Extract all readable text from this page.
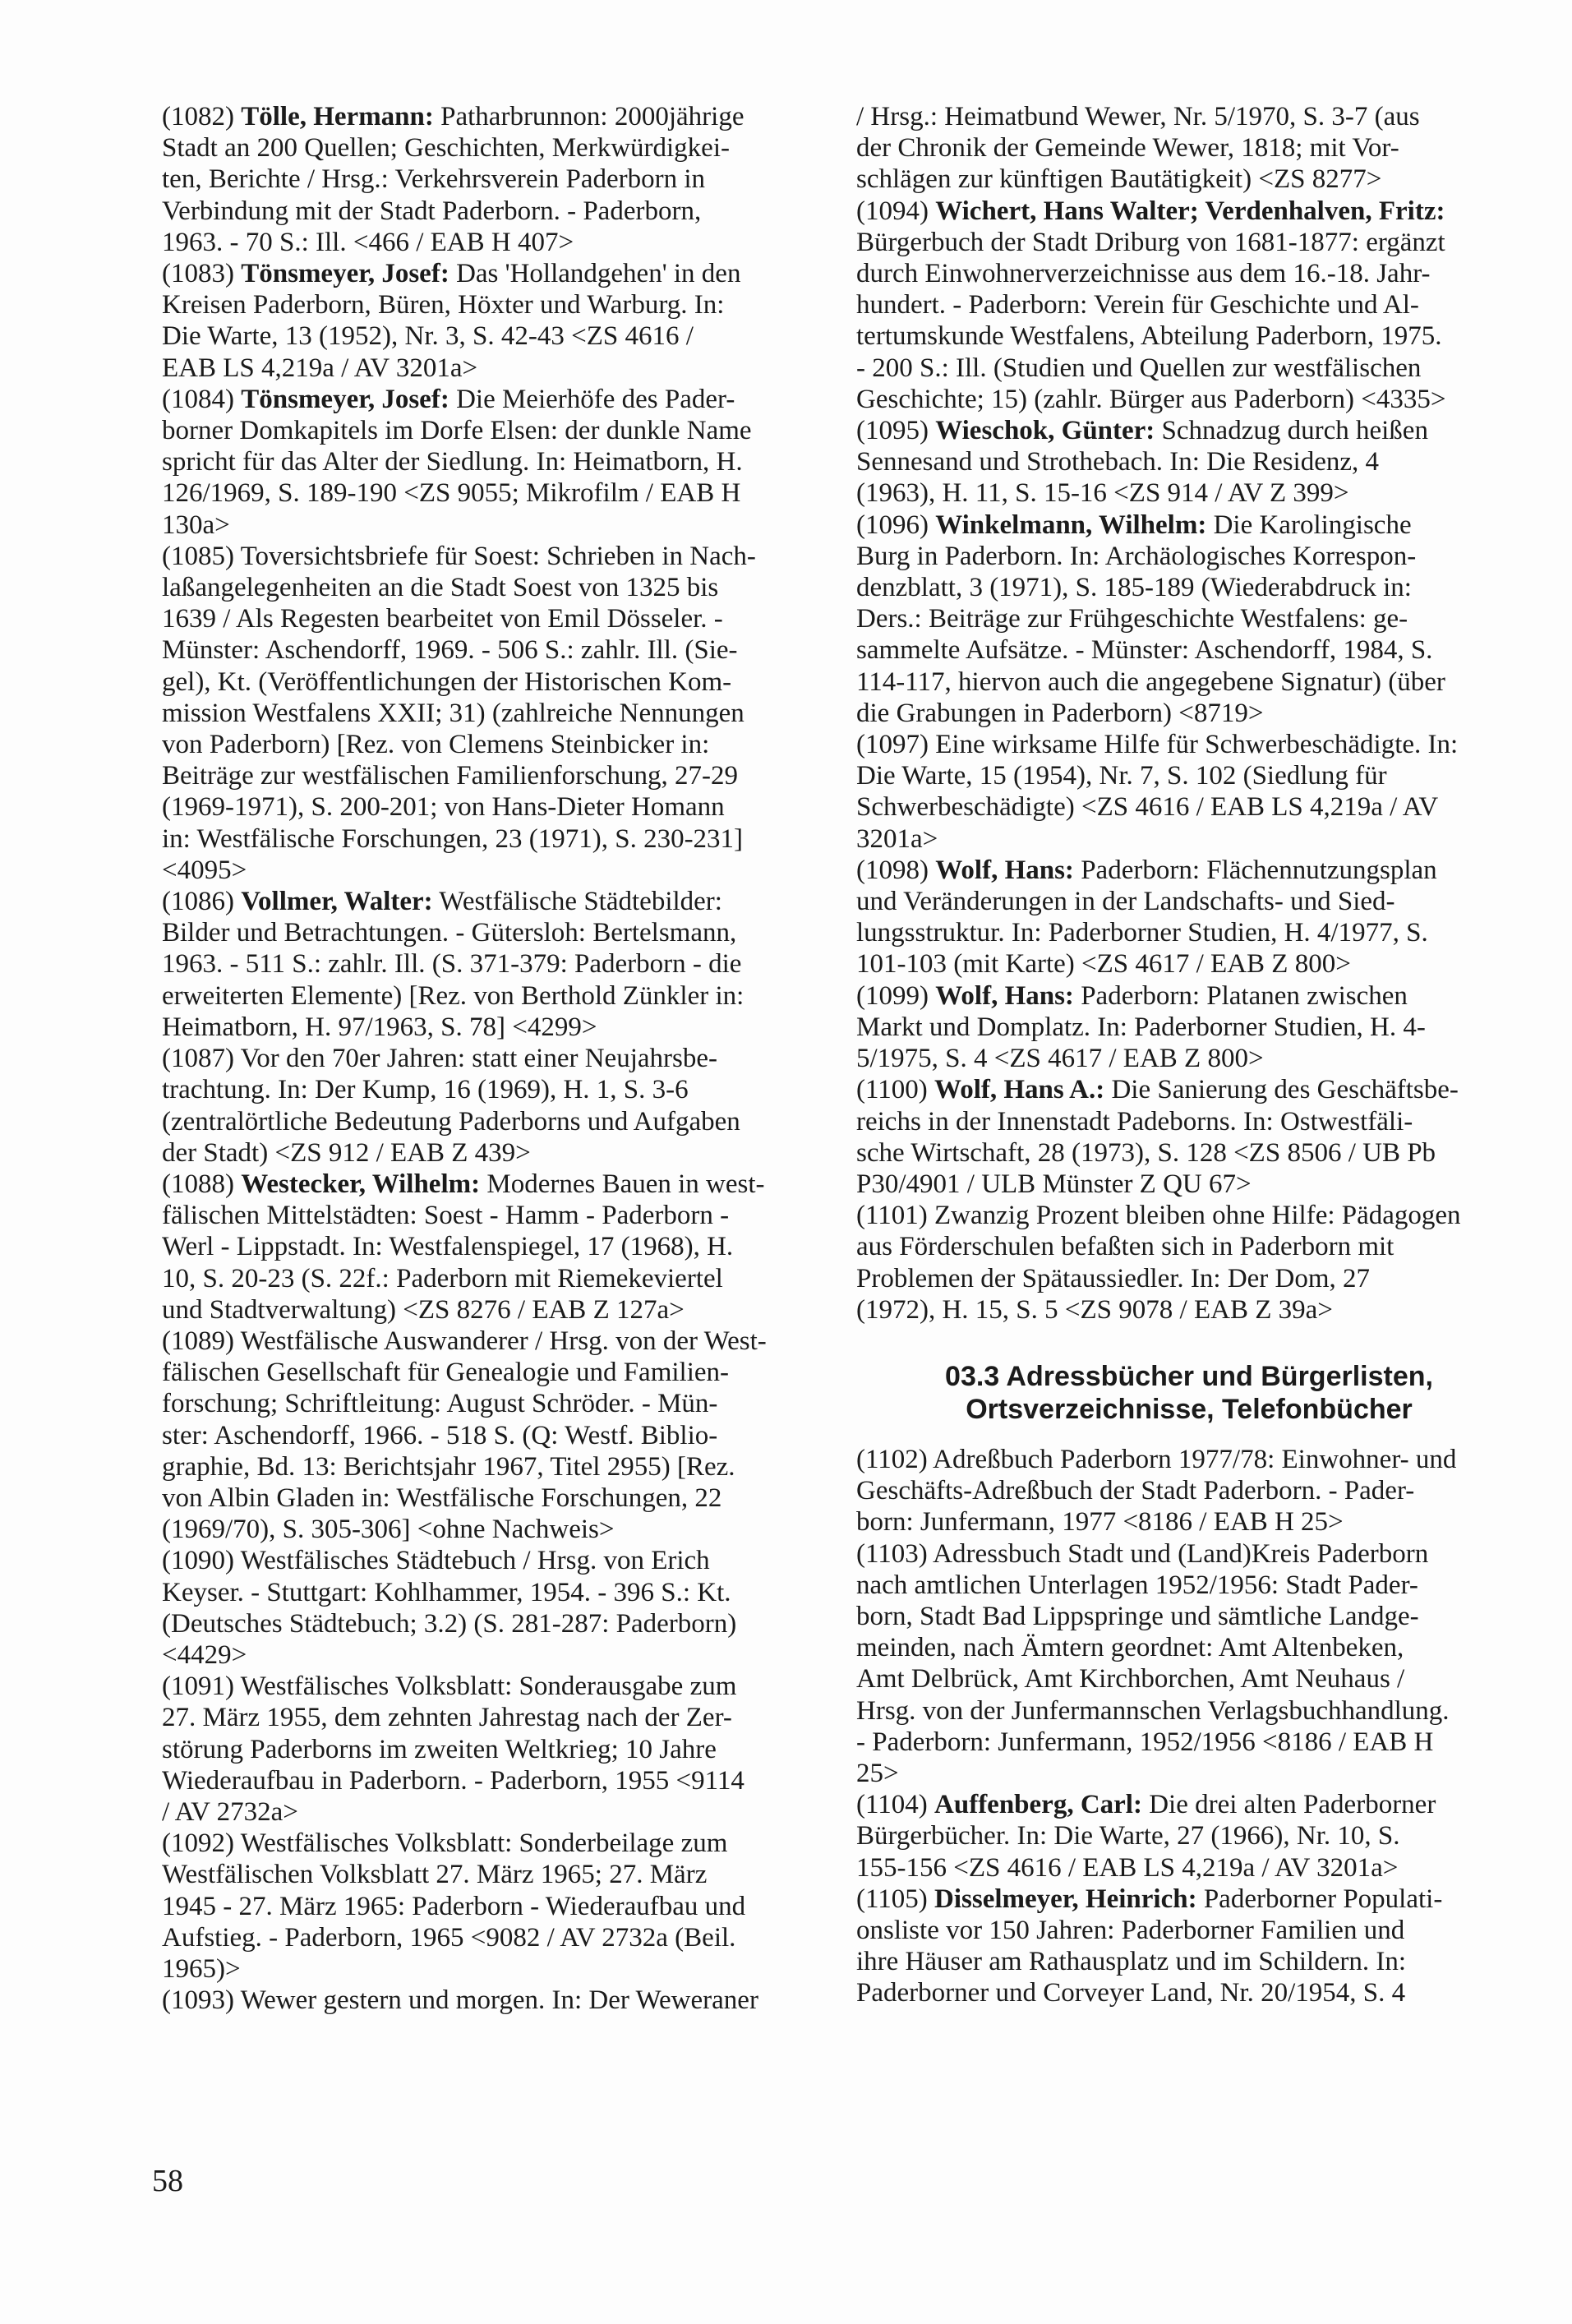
(1082) Tölle, Hermann: Patharbrunnon: 2000jährige
Stadt an 200 Quellen; Geschichten, Merkwürdigkei-
ten, Berichte / Hrsg.: Verkehrsverein Paderborn in
Verbindung mit der Stadt Paderborn. - Paderborn,
1963. - 70 S.: Ill. <466 / EAB H 407>

(1083) Tönsmeyer, Josef: Das 'Hollandgehen' in den
Kreisen Paderborn, Büren, Höxter und Warburg. In:
Die Warte, 13 (1952), Nr. 3, S. 42-43 <ZS 4616 /
EAB LS 4,219a / AV 3201a>

(1084) Tönsmeyer, Josef: Die Meierhöfe des Pader-
borner Domkapitels im Dorfe Elsen: der dunkle Name
spricht für das Alter der Siedlung. In: Heimatborn, H.
126/1969, S. 189-190 <ZS 9055; Mikrofilm / EAB H
130a>

(1085) Toversichtsbriefe für Soest: Schrieben in Nach-
laßangelegenheiten an die Stadt Soest von 1325 bis
1639 / Als Regesten bearbeitet von Emil Dösseler. -
Münster: Aschendorff, 1969. - 506 S.: zahlr. Ill. (Sie-
gel), Kt. (Veröffentlichungen der Historischen Kom-
mission Westfalens XXII; 31) (zahlreiche Nennungen
von Paderborn) [Rez. von Clemens Steinbicker in:
Beiträge zur westfälischen Familienforschung, 27-29
(1969-1971), S. 200-201; von Hans-Dieter Homann
in: Westfälische Forschungen, 23 (1971), S. 230-231]
<4095>

(1086) Vollmer, Walter: Westfälische Städtebilder:
Bilder und Betrachtungen. - Gütersloh: Bertelsmann,
1963. - 511 S.: zahlr. Ill. (S. 371-379: Paderborn - die
erweiterten Elemente) [Rez. von Berthold Zünkler in:
Heimatborn, H. 97/1963, S. 78] <4299>

(1087) Vor den 70er Jahren: statt einer Neujahrsbe-
trachtung. In: Der Kump, 16 (1969), H. 1, S. 3-6
(zentralörtliche Bedeutung Paderborns und Aufgaben
der Stadt) <ZS 912 / EAB Z 439>

(1088) Westecker, Wilhelm: Modernes Bauen in west-
fälischen Mittelstädten: Soest - Hamm - Paderborn -
Werl - Lippstadt. In: Westfalenspiegel, 17 (1968), H.
10, S. 20-23 (S. 22f.: Paderborn mit Riemekeviertel
und Stadtverwaltung) <ZS 8276 / EAB Z 127a>

(1089) Westfälische Auswanderer / Hrsg. von der West-
fälischen Gesellschaft für Genealogie und Familien-
forschung; Schriftleitung: August Schröder. - Mün-
ster: Aschendorff, 1966. - 518 S. (Q: Westf. Biblio-
graphie, Bd. 13: Berichtsjahr 1967, Titel 2955) [Rez.
von Albin Gladen in: Westfälische Forschungen, 22
(1969/70), S. 305-306] <ohne Nachweis>

(1090) Westfälisches Städtebuch / Hrsg. von Erich
Keyser. - Stuttgart: Kohlhammer, 1954. - 396 S.: Kt.
(Deutsches Städtebuch; 3.2) (S. 281-287: Paderborn)
<4429>

(1091) Westfälisches Volksblatt: Sonderausgabe zum
27. März 1955, dem zehnten Jahrestag nach der Zer-
störung Paderborns im zweiten Weltkrieg; 10 Jahre
Wiederaufbau in Paderborn. - Paderborn, 1955 <9114
/ AV 2732a>

(1092) Westfälisches Volksblatt: Sonderbeilage zum
Westfälischen Volksblatt 27. März 1965; 27. März
1945 - 27. März 1965: Paderborn - Wiederaufbau und
Aufstieg. - Paderborn, 1965 <9082 / AV 2732a (Beil.
1965)>

(1093) Wewer gestern und morgen. In: Der Weweraner

/ Hrsg.: Heimatbund Wewer, Nr. 5/1970, S. 3-7 (aus
der Chronik der Gemeinde Wewer, 1818; mit Vor-
schlägen zur künftigen Bautätigkeit) <ZS 8277>

(1094) Wichert, Hans Walter; Verdenhalven, Fritz:
Bürgerbuch der Stadt Driburg von 1681-1877: ergänzt
durch Einwohnerverzeichnisse aus dem 16.-18. Jahr-
hundert. - Paderborn: Verein für Geschichte und Al-
tertumskunde Westfalens, Abteilung Paderborn, 1975.
- 200 S.: Ill. (Studien und Quellen zur westfälischen
Geschichte; 15) (zahlr. Bürger aus Paderborn) <4335>

(1095) Wieschok, Günter: Schnadzug durch heißen
Sennesand und Strothebach. In: Die Residenz, 4
(1963), H. 11, S. 15-16 <ZS 914 / AV Z 399>

(1096) Winkelmann, Wilhelm: Die Karolingische
Burg in Paderborn. In: Archäologisches Korrespon-
denzblatt, 3 (1971), S. 185-189 (Wiederabdruck in:
Ders.: Beiträge zur Frühgeschichte Westfalens: ge-
sammelte Aufsätze. - Münster: Aschendorff, 1984, S.
114-117, hiervon auch die angegebene Signatur) (über
die Grabungen in Paderborn) <8719>

(1097) Eine wirksame Hilfe für Schwerbeschädigte. In:
Die Warte, 15 (1954), Nr. 7, S. 102 (Siedlung für
Schwerbeschädigte) <ZS 4616 / EAB LS 4,219a / AV
3201a>

(1098) Wolf, Hans: Paderborn: Flächennutzungsplan
und Veränderungen in der Landschafts- und Sied-
lungsstruktur. In: Paderborner Studien, H. 4/1977, S.
101-103 (mit Karte) <ZS 4617 / EAB Z 800>

(1099) Wolf, Hans: Paderborn: Platanen zwischen
Markt und Domplatz. In: Paderborner Studien, H. 4-
5/1975, S. 4 <ZS 4617 / EAB Z 800>

(1100) Wolf, Hans A.: Die Sanierung des Geschäftsbe-
reichs in der Innenstadt Padeborns. In: Ostwestfäli-
sche Wirtschaft, 28 (1973), S. 128 <ZS 8506 / UB Pb
P30/4901 / ULB Münster Z QU 67>

(1101) Zwanzig Prozent bleiben ohne Hilfe: Pädagogen
aus Förderschulen befaßten sich in Paderborn mit
Problemen der Spätaussiedler. In: Der Dom, 27
(1972), H. 15, S. 5 <ZS 9078 / EAB Z 39a>

03.3 Adressbücher und Bürgerlisten,
Ortsverzeichnisse, Telefonbücher

(1102) Adreßbuch Paderborn 1977/78: Einwohner- und
Geschäfts-Adreßbuch der Stadt Paderborn. - Pader-
born: Junfermann, 1977 <8186 / EAB H 25>

(1103) Adressbuch Stadt und (Land)Kreis Paderborn
nach amtlichen Unterlagen 1952/1956: Stadt Pader-
born, Stadt Bad Lippspringe und sämtliche Landge-
meinden, nach Ämtern geordnet: Amt Altenbeken,
Amt Delbrück, Amt Kirchborchen, Amt Neuhaus /
Hrsg. von der Junfermannschen Verlagsbuchhandlung.
- Paderborn: Junfermann, 1952/1956 <8186 / EAB H
25>

(1104) Auffenberg, Carl: Die drei alten Paderborner
Bürgerbücher. In: Die Warte, 27 (1966), Nr. 10, S.
155-156 <ZS 4616 / EAB LS 4,219a / AV 3201a>

(1105) Disselmeyer, Heinrich: Paderborner Populati-
onsliste vor 150 Jahren: Paderborner Familien und
ihre Häuser am Rathausplatz und im Schildern. In:
Paderborner und Corveyer Land, Nr. 20/1954, S. 4

58
